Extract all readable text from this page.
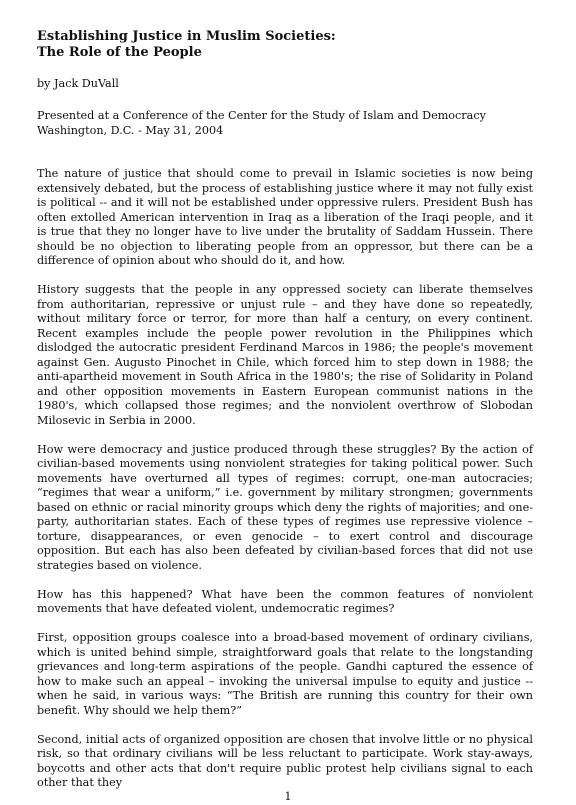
Establishing Justice in Muslim Societies:
The Role of the People
by Jack DuVall
Presented at a Conference of the Center for the Study of Islam and Democracy
Washington, D.C. - May 31, 2004

The nature of justice that should come to prevail in Islamic societies is now being extensively debated, but the process of establishing justice where it may not fully exist is political -- and it will not be established under oppressive rulers. President Bush has often extolled American intervention in Iraq as a liberation of the Iraqi people, and it is true that they no longer have to live under the brutality of Saddam Hussein. There should be no objection to liberating people from an oppressor, but there can be a difference of opinion about who should do it, and how.

History suggests that the people in any oppressed society can liberate themselves from authoritarian, repressive or unjust rule – and they have done so repeatedly, without military force or terror, for more than half a century, on every continent. Recent examples include the people power revolution in the Philippines which dislodged the autocratic president Ferdinand Marcos in 1986; the people's movement against Gen. Augusto Pinochet in Chile, which forced him to step down in 1988; the anti-apartheid movement in South Africa in the 1980's; the rise of Solidarity in Poland and other opposition movements in Eastern European communist nations in the 1980's, which collapsed those regimes; and the nonviolent overthrow of Slobodan Milosevic in Serbia in 2000.

How were democracy and justice produced through these struggles? By the action of civilian-based movements using nonviolent strategies for taking political power. Such movements have overturned all types of regimes: corrupt, one-man autocracies; “regimes that wear a uniform,” i.e. government by military strongmen; governments based on ethnic or racial minority groups which deny the rights of majorities; and one-party, authoritarian states. Each of these types of regimes use repressive violence – torture, disappearances, or even genocide – to exert control and discourage opposition. But each has also been defeated by civilian-based forces that did not use strategies based on violence.

How has this happened? What have been the common features of nonviolent movements that have defeated violent, undemocratic regimes?

First, opposition groups coalesce into a broad-based movement of ordinary civilians, which is united behind simple, straightforward goals that relate to the longstanding grievances and long-term aspirations of the people. Gandhi captured the essence of how to make such an appeal – invoking the universal impulse to equity and justice -- when he said, in various ways: “The British are running this country for their own benefit. Why should we help them?”

Second, initial acts of organized opposition are chosen that involve little or no physical risk, so that ordinary civilians will be less reluctant to participate. Work stay-aways, boycotts and other acts that don't require public protest help civilians signal to each other that they

1
